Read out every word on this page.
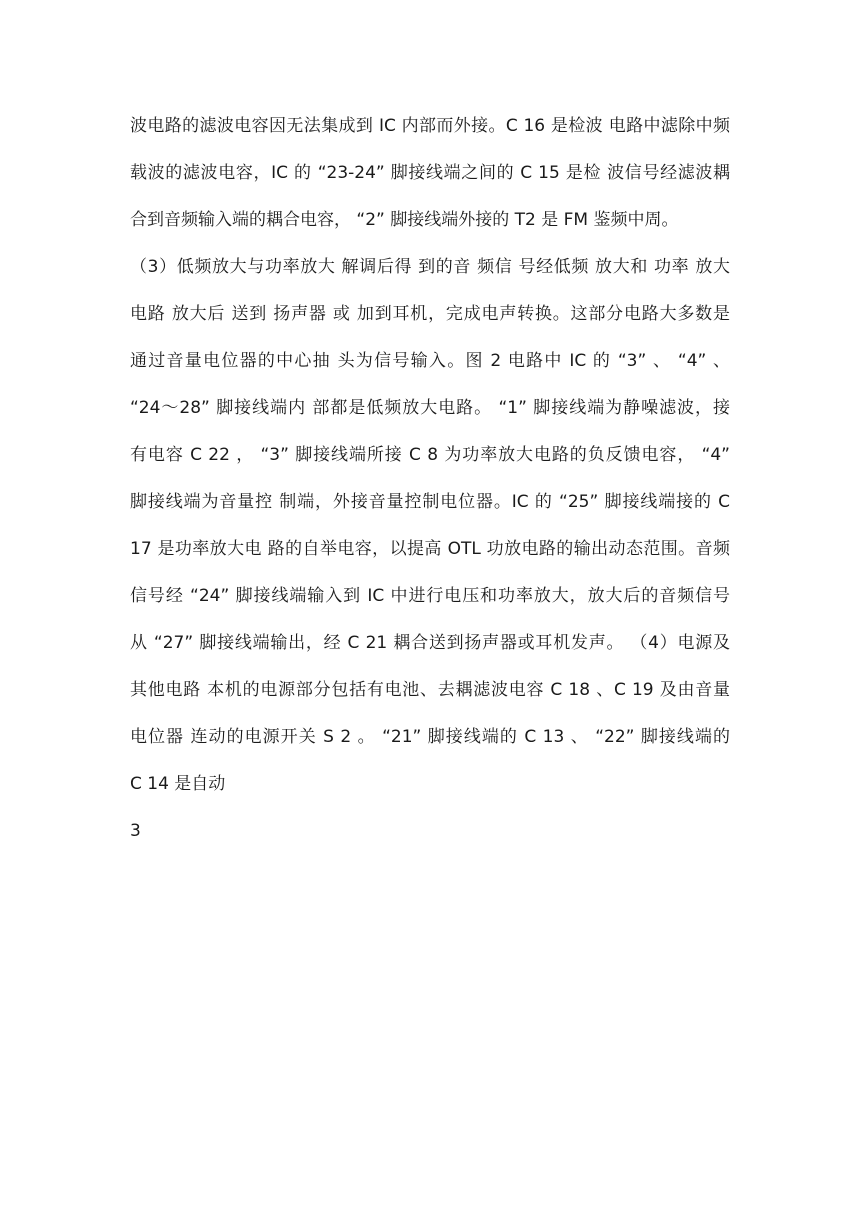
波电路的滤波电容因无法集成到 IC 内部而外接。C 16 是检波 电路中滤除中频
载波的滤波电容，IC 的 “23-24” 脚接线端之间的 C 15 是检 波信号经滤波耦
合到音频输入端的耦合电容， “2” 脚接线端外接的 T2 是 FM 鉴频中周。
（3）低频放大与功率放大 解调后得 到的音 频信 号经低频 放大和 功率 放大
电路 放大后 送到 扬声器 或 加到耳机，完成电声转换。这部分电路大多数是
通过音量电位器的中心抽 头为信号输入。图 2 电路中 IC 的 “3” 、 “4” 、
“24～28” 脚接线端内 部都是低频放大电路。 “1” 脚接线端为静噪滤波，接
有电容 C 22 ， “3” 脚接线端所接 C 8 为功率放大电路的负反馈电容， “4”
脚接线端为音量控 制端，外接音量控制电位器。IC 的 “25” 脚接线端接的 C
17 是功率放大电 路的自举电容，以提高 OTL 功放电路的输出动态范围。音频
信号经 “24” 脚接线端输入到 IC 中进行电压和功率放大，放大后的音频信号
从 “27” 脚接线端输出，经 C 21 耦合送到扬声器或耳机发声。 （4）电源及
其他电路 本机的电源部分包括有电池、去耦滤波电容 C 18 、C 19 及由音量
电位器 连动的电源开关 S 2 。 “21” 脚接线端的 C 13 、 “22” 脚接线端的
C 14 是自动
3
